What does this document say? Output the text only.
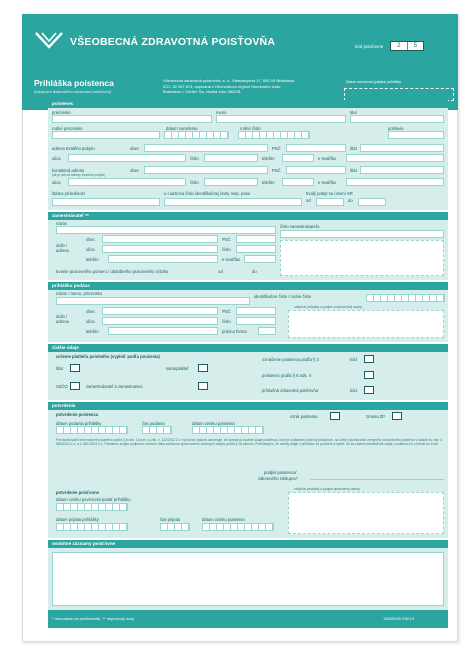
VŠEOBECNÁ ZDRAVOTNÁ POISŤOVŇA	kód poisťovne	2	5
Prihláška poistenca
(kópia pre dotknutého zdravotnú poisťovňu)
Všeobecná zdravotná poisťovňa, a. s., Mamateyova 17, 850 05 Bratislava,
IČO: 35 937 874, zapísaná v Obchodnom registri Okresného súdu
Bratislava I, Oddiel: Sa, vložka číslo 3602/B
Dátum doručenia (prijatia) prihlášky
poistenec
priezvisko	meno	titul
rodné priezvisko	dátum narodenia	rodné číslo	pohlavie
adresa trvalého pobytu	obec	PSČ	štát
ulica	číslo	telefón	e-mail/fax
kontaktná adresa
(ak je iná od adresy trvalého pobytu)
obec	PSČ	štát
ulica	číslo	telefón	e-mail/fax
štátna príslušnosť	u cudzinca číslo identifikačnej karty resp. pasu	trvalý pobyt na území SR
od	do
zamestnávateľ **
názov
číslo zamestnávateľa
sídlo / adresa
obec	PSČ
ulica	číslo
telefón	e-mail/fax
trvanie pracovného pomeru / obdobného pracovného vzťahu	od	do
prihlášku podáva
názov / meno, priezvisko
identifikačné číslo / rodné číslo
sídlo / adresa
obec	PSČ
ulica	číslo
telefón	právna forma
odtlačok pečiatky a podpis zodpovednej osoby
ďalšie údaje
určenie platiteľa poistného (vyplniť podľa poučenia)
štát	samoplatiteľ
SZČO	zamestnávateľ a zamestnanec
označenie poistenca podľa § 3	kód
poistenec podľa § 6 ods. 4
príslušná zdravotná poisťovňa	kód
potvrdenie
potvrdenie poistenca	vznik poistenia	zmena ZP
dátum podania prihlášky	čas podania	dátum vzniku poistenia
Prevádzkovateľ informačného systému podľa § 8 ods. 1 písm. c) zák. č. 122/2013 Z.z. týmto ten páčom oznamuje, že spracúva osobné údaje poistenca, ktoré je poistenec povinný poskytnúť, na účely vykonávania verejného zdravotného poistenia v súlade so zák. č. 580/2004 Z.z. a č. 581/2004 Z.z. Poistenec svojim podpisom zároveň dáva súhlas so spracovaním osobných údajov podľa § 28 zákona. Prehlasujem, že všetky údaje v prihláške sú pravdivé a úplné. Ak sa zmenia ktorékoľvek údaje, oznámim ich v lehote do 8 dní.
podpis poistenca/
zákonného zástupcu*
potvrdenie poisťovne
dátum vzniku povinnosti podať prihlášku
dátum prijatia prihlášky	čas prijatia	dátum vzniku poistenia
odtlačok pečiatky a podpis oprávnenej osoby
osobitné záznamy poisťovne
* nehodiace sa prečiarknite, ** nepovinný údaj	12000295 VW/13
